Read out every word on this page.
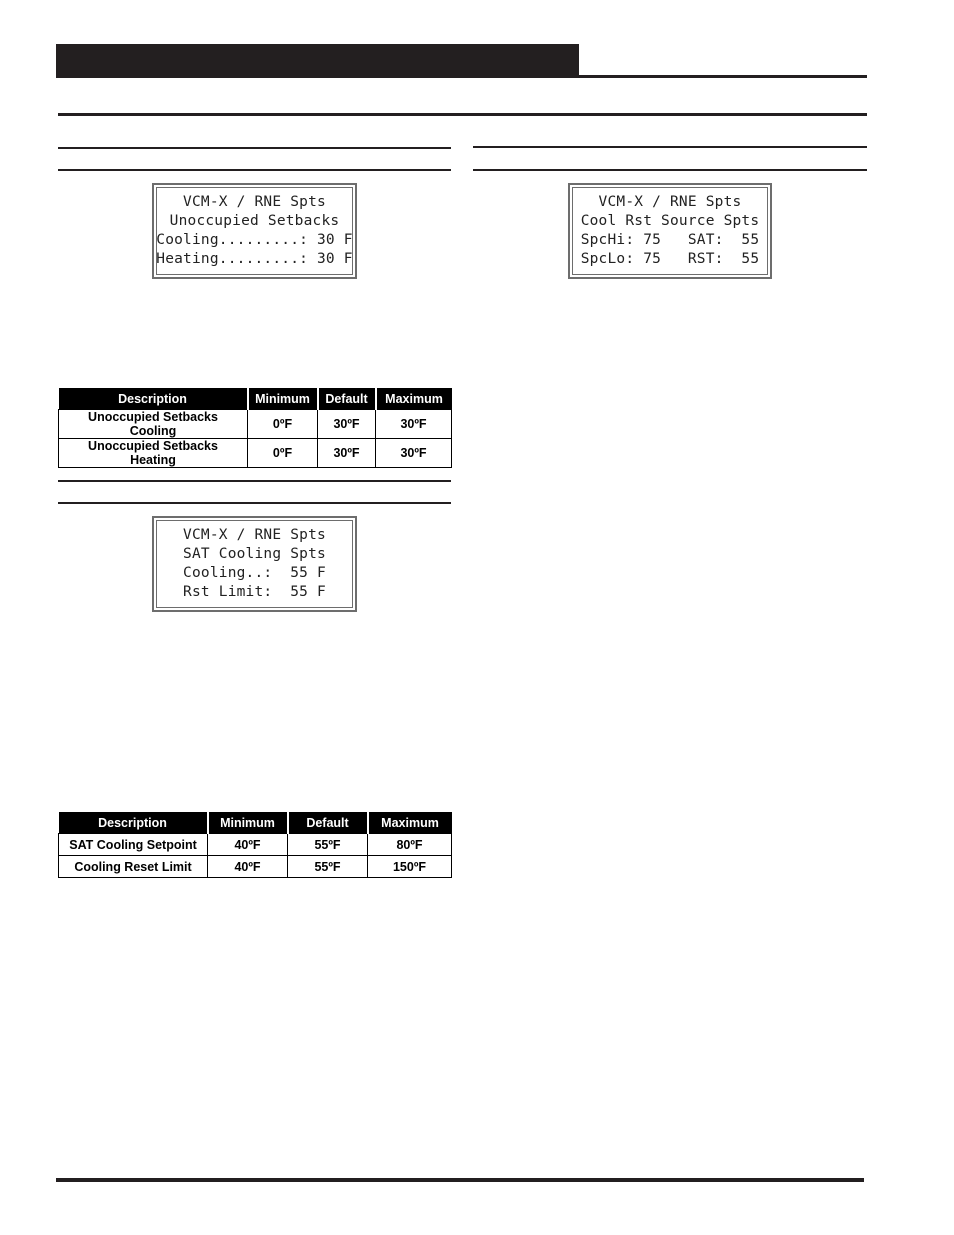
VCM-X / RNE Spts
Unoccupied Setbacks
Cooling.........: 30 F
Heating.........: 30 F
VCM-X / RNE Spts
Cool Rst Source Spts
SpcHi: 75   SAT:  55
SpcLo: 75   RST:  55
Description	Minimum	Default	Maximum
Unoccupied Setbacks Cooling	0ºF	30ºF	30ºF
Unoccupied Setbacks Heating	0ºF	30ºF	30ºF
VCM-X / RNE Spts
SAT Cooling Spts
Cooling..:  55 F
Rst Limit:  55 F
Description	Minimum	Default	Maximum
SAT Cooling Setpoint	40ºF	55ºF	80ºF
Cooling Reset Limit	40ºF	55ºF	150ºF
